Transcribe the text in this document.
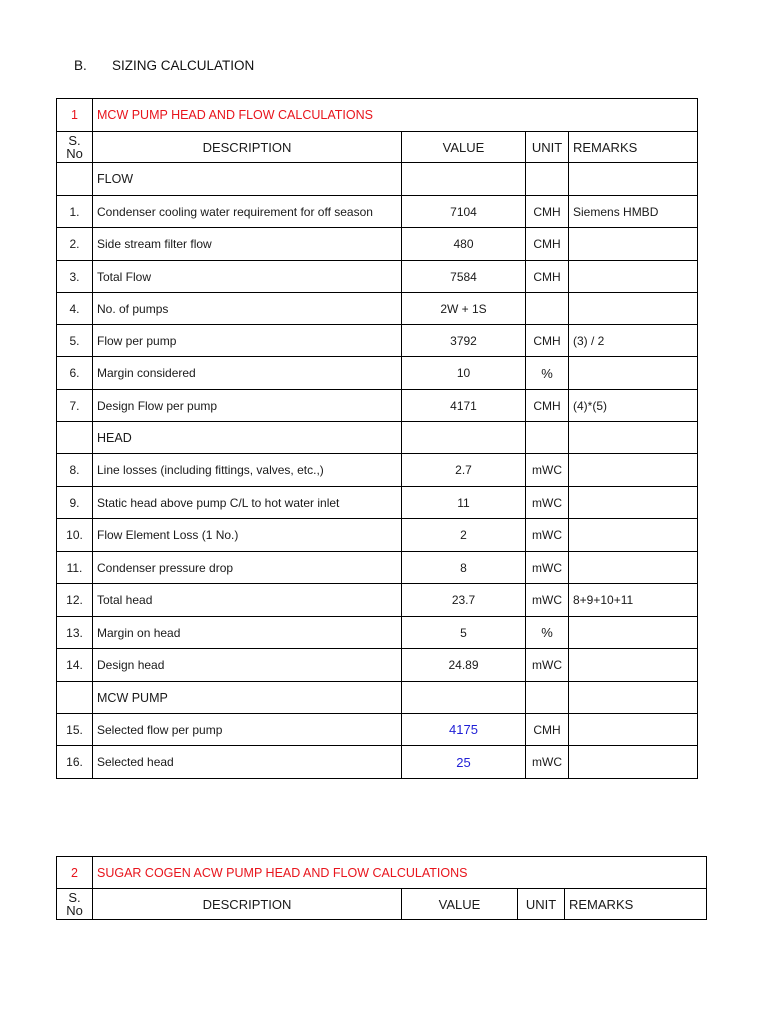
B. SIZING CALCULATION
1	MCW PUMP HEAD AND FLOW CALCULATIONS			
S. No	DESCRIPTION	VALUE	UNIT	REMARKS
	FLOW			
1.	Condenser cooling water requirement for off season	7104	CMH	Siemens HMBD
2.	Side stream filter flow	480	CMH	
3.	Total Flow	7584	CMH	
4.	No. of pumps	2W + 1S		
5.	Flow per pump	3792	CMH	(3) / 2
6.	Margin considered	10	%	
7.	Design Flow per pump	4171	CMH	(4)*(5)
	HEAD			
8.	Line losses (including fittings, valves, etc.,)	2.7	mWC	
9.	Static head above pump C/L to hot water inlet	11	mWC	
10.	Flow Element Loss (1 No.)	2	mWC	
11.	Condenser pressure drop	8	mWC	
12.	Total head	23.7	mWC	8+9+10+11
13.	Margin on head	5	%	
14.	Design head	24.89	mWC	
	MCW PUMP			
15.	Selected flow per pump	4175	CMH	
16.	Selected head	25	mWC	
2	SUGAR COGEN ACW PUMP HEAD AND FLOW CALCULATIONS			
S. No	DESCRIPTION	VALUE	UNIT	REMARKS
